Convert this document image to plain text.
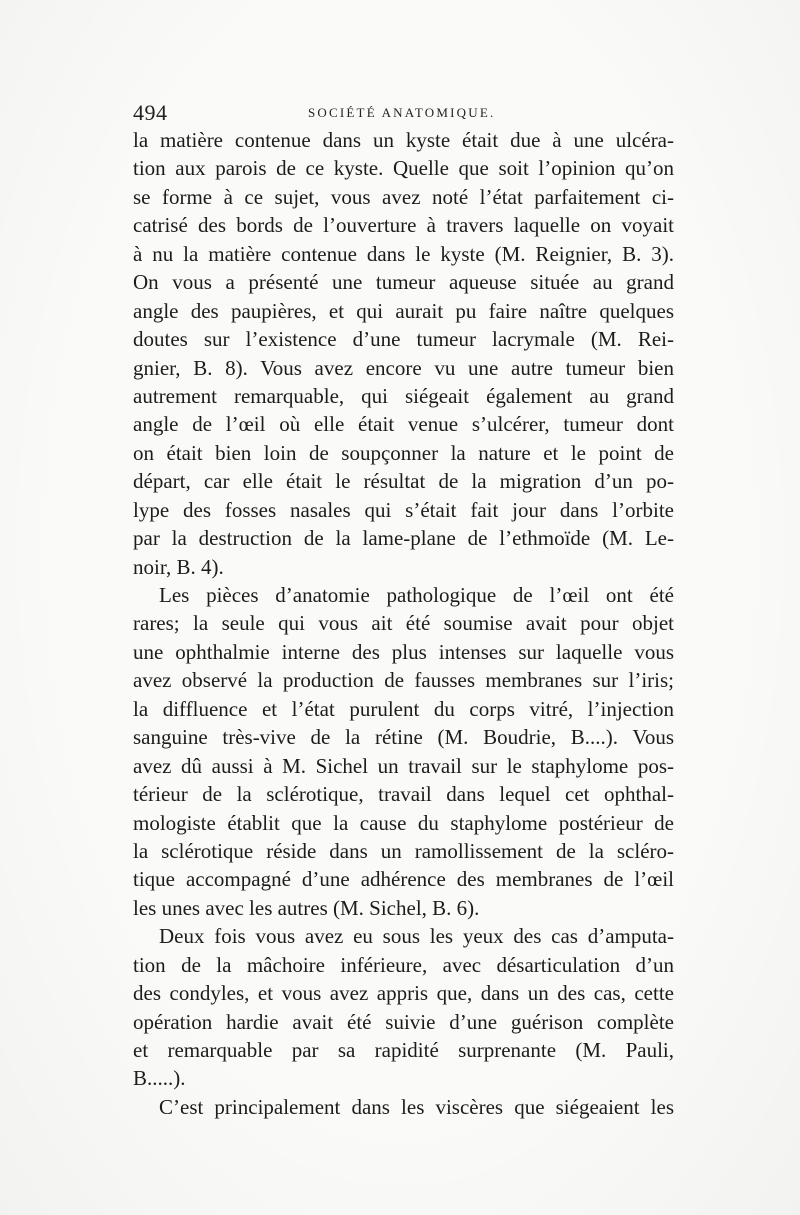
494	SOCIÉTÉ ANATOMIQUE.
la matière contenue dans un kyste était due à une ulcéra-
tion aux parois de ce kyste. Quelle que soit l’opinion qu’on
se forme à ce sujet, vous avez noté l’état parfaitement ci-
catrisé des bords de l’ouverture à travers laquelle on voyait
à nu la matière contenue dans le kyste (M. Reignier, B. 3).
On vous a présenté une tumeur aqueuse située au grand
angle des paupières, et qui aurait pu faire naître quelques
doutes sur l’existence d’une tumeur lacrymale (M. Rei-
gnier, B. 8). Vous avez encore vu une autre tumeur bien
autrement remarquable, qui siégeait également au grand
angle de l’œil où elle était venue s’ulcérer, tumeur dont
on était bien loin de soupçonner la nature et le point de
départ, car elle était le résultat de la migration d’un po-
lype des fosses nasales qui s’était fait jour dans l’orbite
par la destruction de la lame-plane de l’ethmoïde (M. Le-
noir, B. 4).
Les pièces d’anatomie pathologique de l’œil ont été
rares; la seule qui vous ait été soumise avait pour objet
une ophthalmie interne des plus intenses sur laquelle vous
avez observé la production de fausses membranes sur l’iris;
la diffluence et l’état purulent du corps vitré, l’injection
sanguine très-vive de la rétine (M. Boudrie, B....). Vous
avez dû aussi à M. Sichel un travail sur le staphylome pos-
térieur de la sclérotique, travail dans lequel cet ophthal-
mologiste établit que la cause du staphylome postérieur de
la sclérotique réside dans un ramollissement de la scléro-
tique accompagné d’une adhérence des membranes de l’œil
les unes avec les autres (M. Sichel, B. 6).
Deux fois vous avez eu sous les yeux des cas d’amputa-
tion de la mâchoire inférieure, avec désarticulation d’un
des condyles, et vous avez appris que, dans un des cas, cette
opération hardie avait été suivie d’une guérison complète
et remarquable par sa rapidité surprenante (M. Pauli,
B.....).
C’est principalement dans les viscères que siégeaient les
